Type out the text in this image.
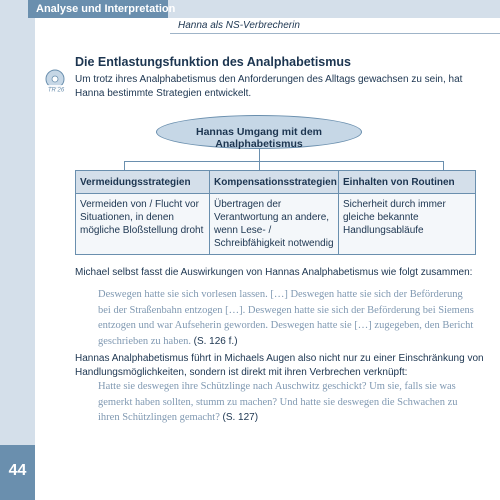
Analyse und Interpretation
Hanna als NS-Verbrecherin
Die Entlastungsfunktion des Analphabetismus
TR 26
Um trotz ihres Analphabetismus den Anforderungen des Alltags gewachsen zu sein, hat Hanna bestimmte Strategien entwickelt.
Hannas Umgang mit dem Analphabetismus
Vermeidungsstrategien	Kompensationsstrategien	Einhalten von Routinen
Vermeiden von / Flucht vor Situationen, in denen mögliche Bloßstellung droht	Übertragen der Verantwortung an andere, wenn Lese- / Schreibfähigkeit notwendig	Sicherheit durch immer gleiche bekannte Handlungsabläufe
Michael selbst fasst die Auswirkungen von Hannas Analphabetismus wie folgt zusammen:
Deswegen hatte sie sich vorlesen lassen. […] Deswegen hatte sie sich der Beförderung bei der Straßenbahn entzogen […]. Deswegen hatte sie sich der Beförderung bei Siemens entzogen und war Aufseherin geworden. Deswegen hatte sie […] zugegeben, den Bericht geschrieben zu haben. (S. 126 f.)
Hannas Analphabetismus führt in Michaels Augen also nicht nur zu einer Einschränkung von Handlungsmöglichkeiten, sondern ist direkt mit ihren Verbrechen verknüpft:
Hatte sie deswegen ihre Schützlinge nach Auschwitz geschickt? Um sie, falls sie was gemerkt haben sollten, stumm zu machen? Und hatte sie deswegen die Schwachen zu ihren Schützlingen gemacht? (S. 127)
44
